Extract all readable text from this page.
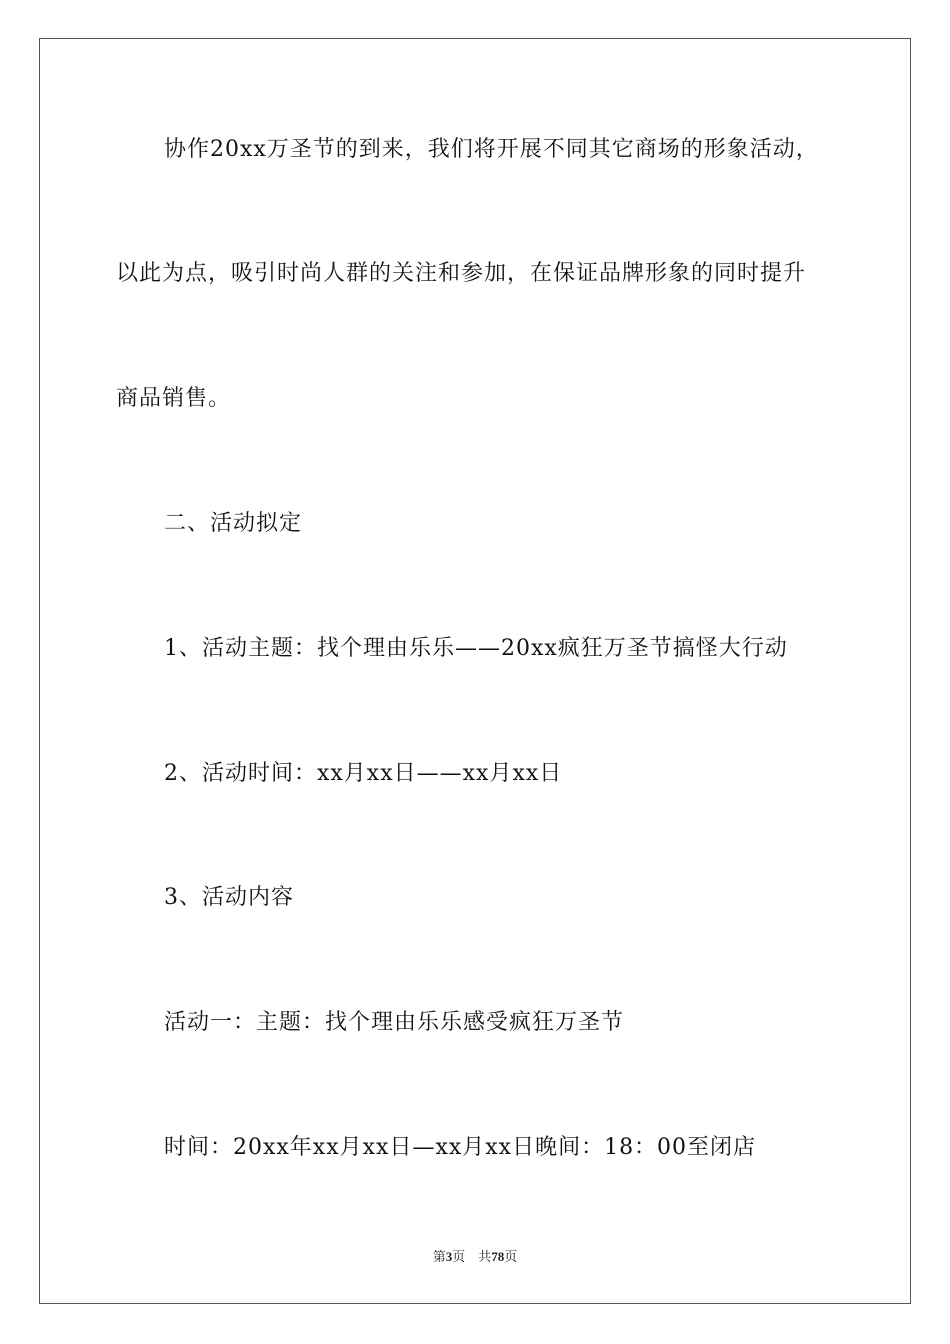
协作20xx万圣节的到来，我们将开展不同其它商场的形象活动，
以此为点，吸引时尚人群的关注和参加，在保证品牌形象的同时提升
商品销售。
二、活动拟定
1、活动主题：找个理由乐乐——20xx疯狂万圣节搞怪大行动
2、活动时间：xx月xx日——xx月xx日
3、活动内容
活动一：主题：找个理由乐乐感受疯狂万圣节
时间：20xx年xx月xx日—xx月xx日晚间：18：00至闭店
第3页 共78页
